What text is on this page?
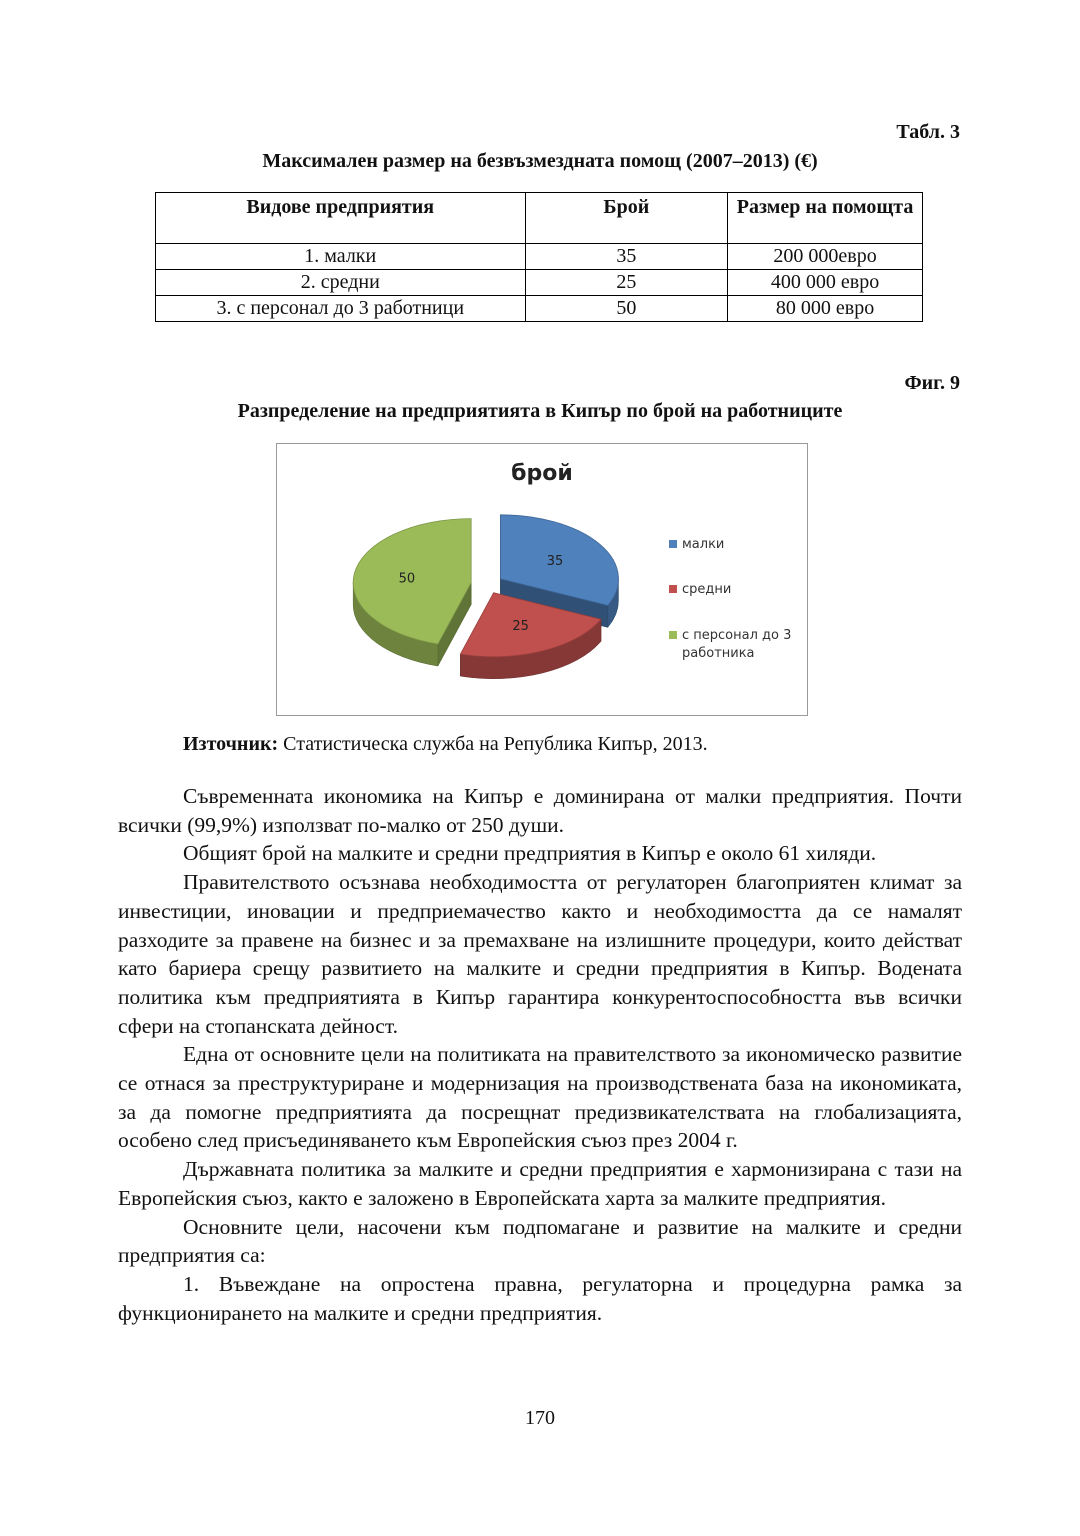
Табл. 3
Максимален размер на безвъзмездната помощ (2007–2013) (€)
Видове предприятия	Брой	Размер на помощта
1. малки	35	200 000евро
2. средни	25	400 000 евро
3. с персонал до 3 работници	50	80 000 евро
Фиг. 9
Разпределение на предприятията в Кипър по брой на работниците
брой
35
50
25
малки
средни
с персонал до 3
работника
Източник: Статистическа служба на Република Кипър, 2013.

Съвременната икономика на Кипър е доминирана от малки предприятия. Почти всички (99,9%) използват по-малко от 250 души.

Общият брой на малките и средни предприятия в Кипър е около 61 хиляди.

Правителството осъзнава необходимостта от регулаторен благоприятен климат за инвестиции, иновации и предприемачество както и необходимостта да се намалят разходите за правене на бизнес и за премахване на излишните процедури, които действат като бариера срещу развитието на малките и средни предприятия в Кипър. Водената политика към предприятията в Кипър гарантира конкурентоспособността във всички сфери на стопанската дейност.

Една от основните цели на политиката на правителството за икономическо развитие се отнася за преструктуриране и модернизация на производствената база на икономиката, за да помогне предприятията да посрещнат предизвикателствата на глобализацията, особено след присъединяването към Европейския съюз през 2004 г.

Държавната политика за малките и средни предприятия е хармонизирана с тази на Европейския съюз, както е заложено в Европейската харта за малките предприятия.

Основните цели, насочени към подпомагане и развитие на малките и средни предприятия са:

1. Въвеждане на опростена правна, регулаторна и процедурна рамка за функционирането на малките и средни предприятия.

170
